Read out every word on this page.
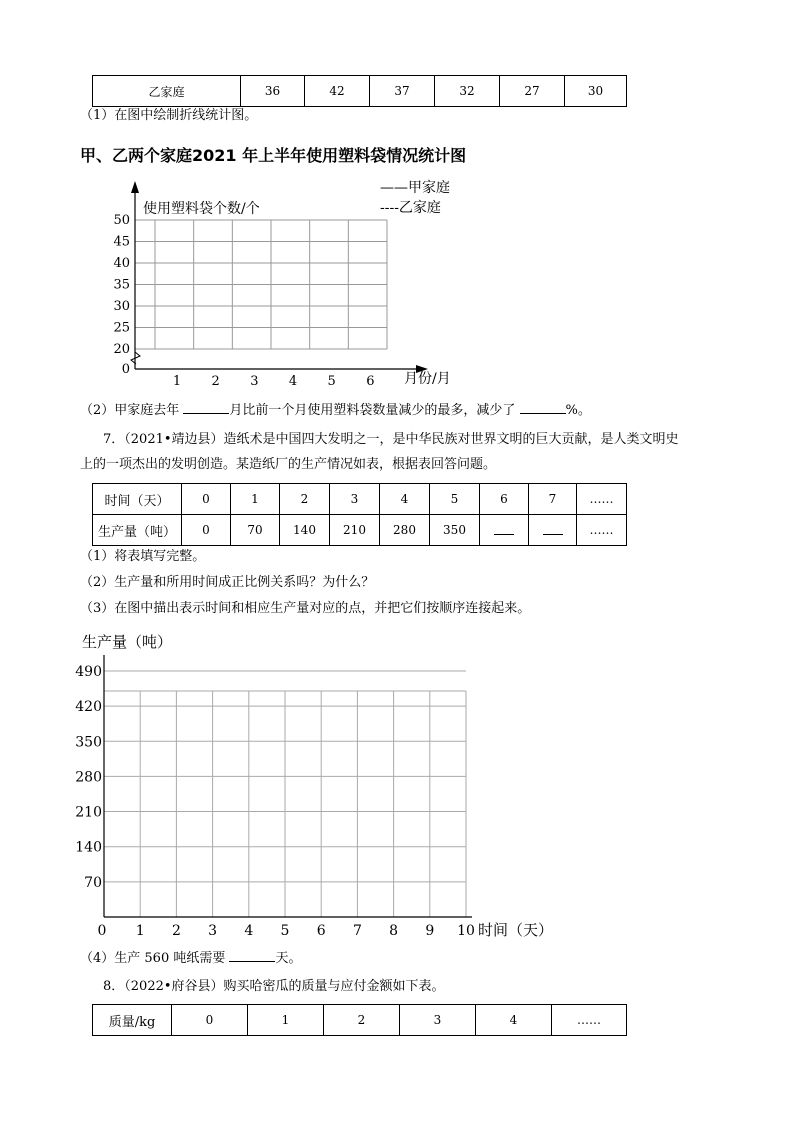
乙家庭	36	42	37	32	27	30
（1）在图中绘制折线统计图。
甲、乙两个家庭2021 年上半年使用塑料袋情况统计图
0
20
25
30
35
40
45
50
1 2 3 4 5 6
使用塑料袋个数/个
月份/月
——甲家庭
----乙家庭
（2）甲家庭去年	月比前一个月使用塑料袋数量减少的最多，减少了	%。
7．（2021•靖边县）造纸术是中国四大发明之一，是中华民族对世界文明的巨大贡献，是人类文明史
上的一项杰出的发明创造。某造纸厂的生产情况如表，根据表回答问题。
时间（天）	0	1	2	3	4	5	6	7	……
生产量（吨）	0	70	140	210	280	350			……
（1）将表填写完整。
（2）生产量和所用时间成正比例关系吗？为什么？
（3）在图中描出表示时间和相应生产量对应的点，并把它们按顺序连接起来。
70
140
210
280
350
420
490
0 1 2 3 4 5 6 7 8 9 10
生产量（吨）
时间（天）
（4）生产 560 吨纸需要	天。
8．（2022•府谷县）购买哈密瓜的质量与应付金额如下表。
质量/kg	0	1	2	3	4	……
